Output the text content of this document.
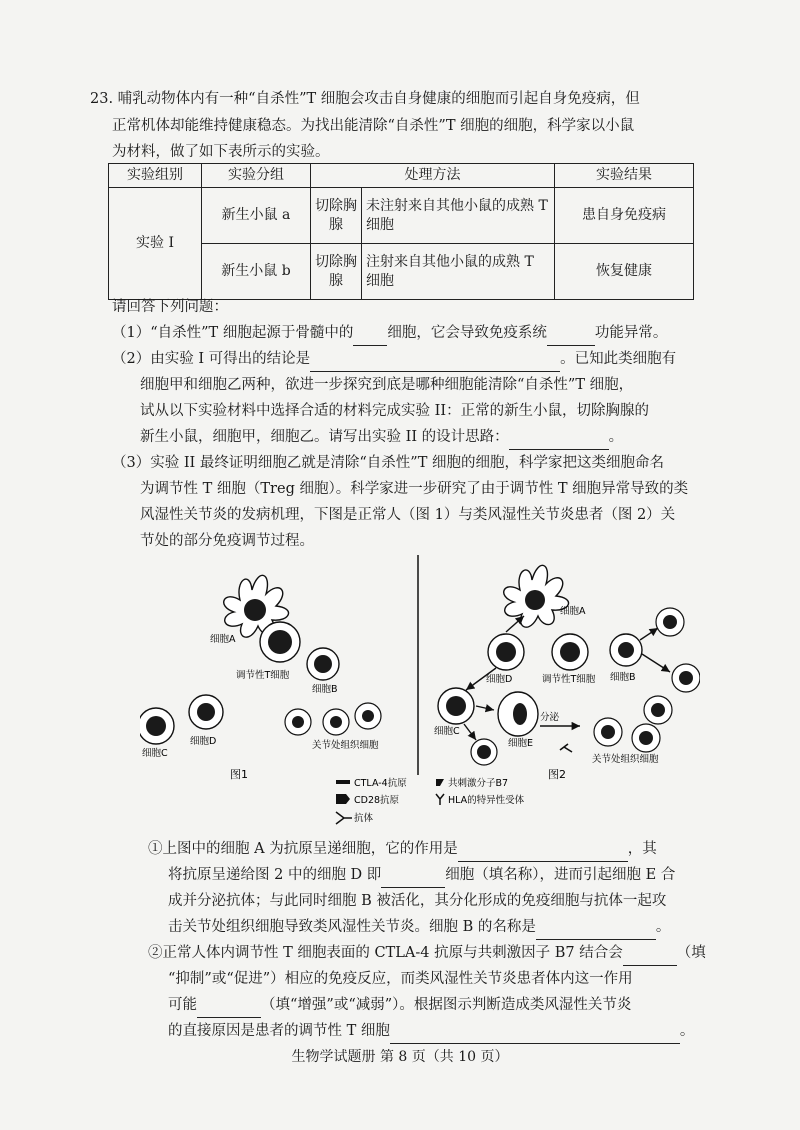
23. 哺乳动物体内有一种“自杀性”T 细胞会攻击自身健康的细胞而引起自身免疫病，但

正常机体却能维持健康稳态。为找出能清除“自杀性”T 细胞的细胞，科学家以小鼠

为材料，做了如下表所示的实验。

实验组别	实验分组	处理方法		实验结果
实验 I	新生小鼠 a	切除胸腺	未注射来自其他小鼠的成熟 T 细胞	患自身免疫病
	新生小鼠 b	切除胸腺	注射来自其他小鼠的成熟 T 细胞	恢复健康

请回答下列问题：

（1）“自杀性”T 细胞起源于骨髓中的 细胞，它会导致免疫系统	功能异常。

（2）由实验 I 可得出的结论是	。已知此类细胞有

细胞甲和细胞乙两种，欲进一步探究到底是哪种细胞能清除“自杀性”T 细胞，

试从以下实验材料中选择合适的材料完成实验 II：正常的新生小鼠，切除胸腺的

新生小鼠，细胞甲，细胞乙。请写出实验 II 的设计思路：	。

（3）实验 II 最终证明细胞乙就是清除“自杀性”T 细胞的细胞，科学家把这类细胞命名

为调节性 T 细胞（Treg 细胞）。科学家进一步研究了由于调节性 T 细胞异常导致的类

风湿性关节炎的发病机理，下图是正常人（图 1）与类风湿性关节炎患者（图 2）关

节处的部分免疫调节过程。

细胞A
调节性T细胞
细胞B
细胞C
细胞D	关节处组织细胞
图1
细胞A
细胞D	调节性T细胞 细胞B
细胞C
细胞E
分泌
关节处组织细胞
图2
CTLA-4抗原	共刺激分子B7
CD28抗原	HLA的特异性受体
抗体

①上图中的细胞 A 为抗原呈递细胞，它的作用是	，其

将抗原呈递给图 2 中的细胞 D 即	细胞（填名称），进而引起细胞 E 合

成并分泌抗体；与此同时细胞 B 被活化，其分化形成的免疫细胞与抗体一起攻

击关节处组织细胞导致类风湿性关节炎。细胞 B 的名称是	。

②正常人体内调节性 T 细胞表面的 CTLA-4 抗原与共刺激因子 B7 结合会	（填

“抑制”或“促进”）相应的免疫反应，而类风湿性关节炎患者体内这一作用

可能	（填“增强”或“减弱”）。根据图示判断造成类风湿性关节炎

的直接原因是患者的调节性 T 细胞	。

生物学试题册 第 8 页（共 10 页）
